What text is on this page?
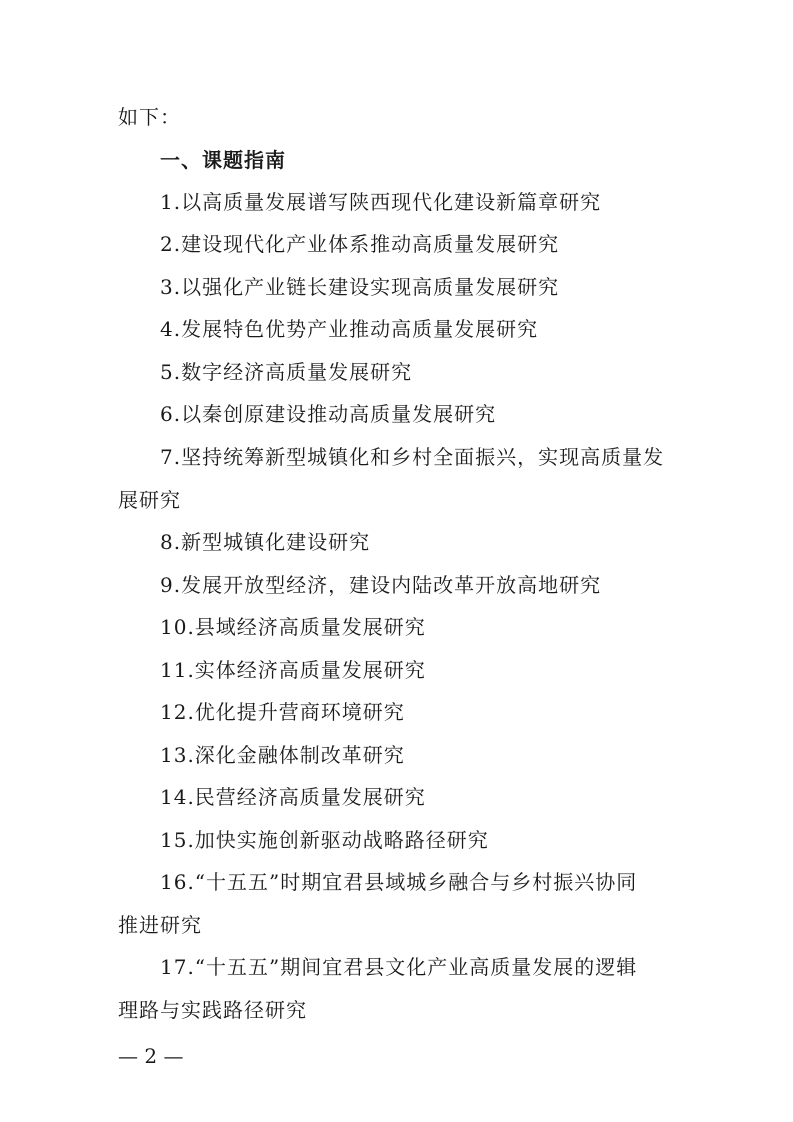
如下：
一、课题指南
1.以高质量发展谱写陕西现代化建设新篇章研究
2.建设现代化产业体系推动高质量发展研究
3.以强化产业链长建设实现高质量发展研究
4.发展特色优势产业推动高质量发展研究
5.数字经济高质量发展研究
6.以秦创原建设推动高质量发展研究
7.坚持统筹新型城镇化和乡村全面振兴，实现高质量发
展研究
8.新型城镇化建设研究
9.发展开放型经济，建设内陆改革开放高地研究
10.县域经济高质量发展研究
11.实体经济高质量发展研究
12.优化提升营商环境研究
13.深化金融体制改革研究
14.民营经济高质量发展研究
15.加快实施创新驱动战略路径研究
16.“十五五”时期宜君县域城乡融合与乡村振兴协同
推进研究
17.“十五五”期间宜君县文化产业高质量发展的逻辑
理路与实践路径研究
— 2 —
